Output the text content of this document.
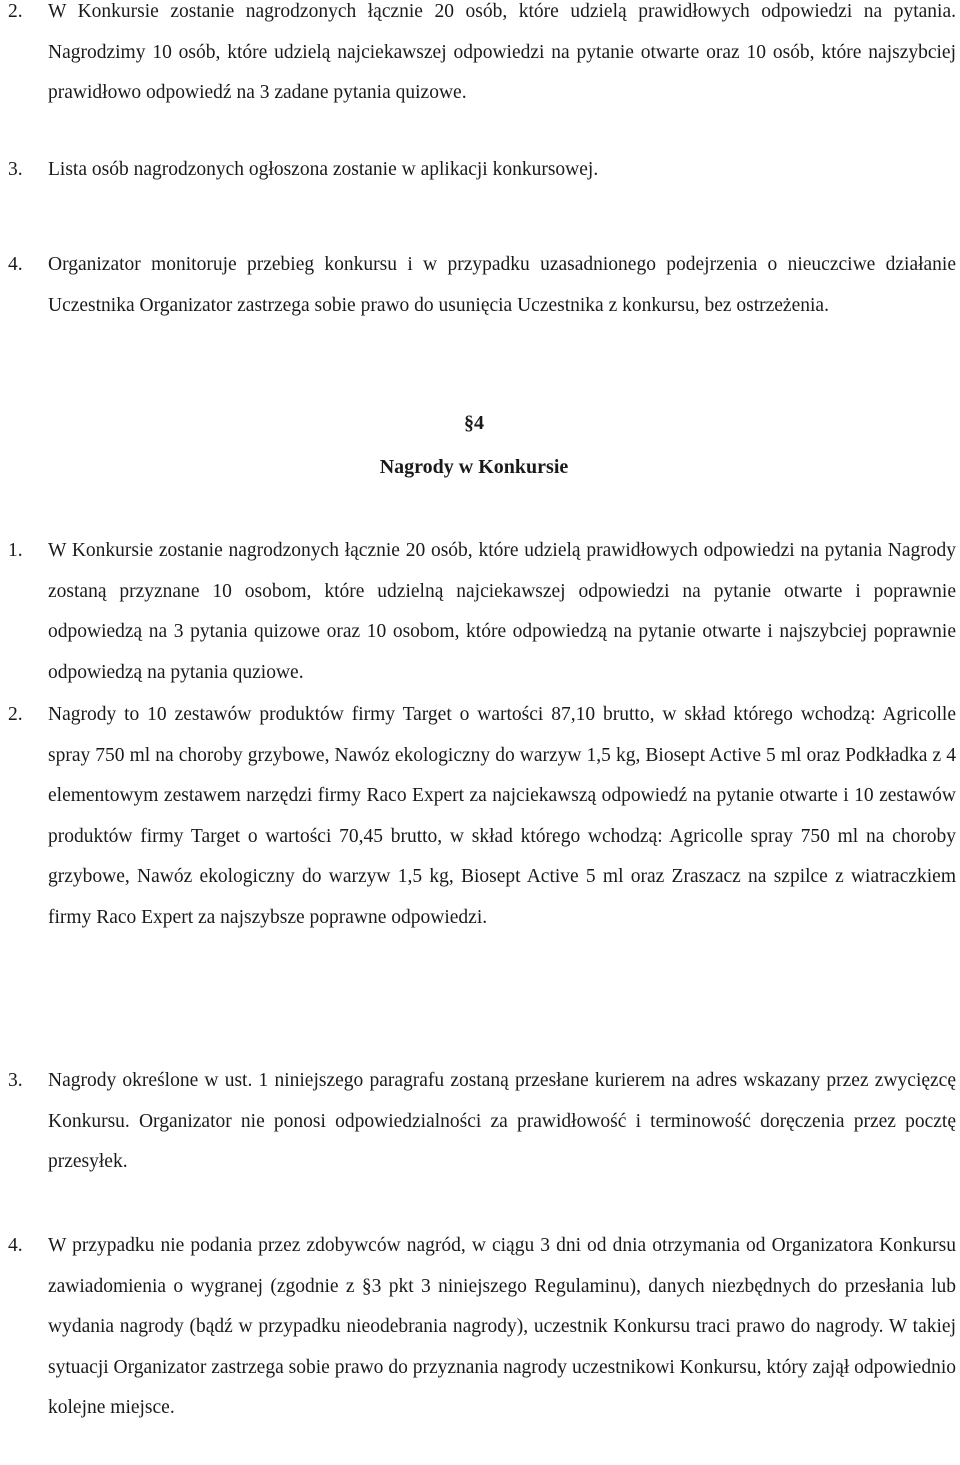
2.	W Konkursie zostanie nagrodzonych łącznie 20 osób, które udzielą prawidłowych odpowiedzi na pytania. Nagrodzimy 10 osób, które udzielą najciekawszej odpowiedzi na pytanie otwarte oraz 10 osób, które najszybciej prawidłowo odpowiedź na 3 zadane pytania quizowe.
3.	Lista osób nagrodzonych ogłoszona zostanie w aplikacji konkursowej.
4.	Organizator monitoruje przebieg konkursu i w przypadku uzasadnionego podejrzenia o nieuczciwe działanie Uczestnika Organizator zastrzega sobie prawo do usunięcia Uczestnika z konkursu, bez ostrzeżenia.
§4
Nagrody w Konkursie
1.	W Konkursie zostanie nagrodzonych łącznie 20 osób, które udzielą prawidłowych odpowiedzi na pytania Nagrody zostaną przyznane 10 osobom, które udzielną najciekawszej odpowiedzi na pytanie otwarte i poprawnie odpowiedzą na 3 pytania quizowe oraz 10 osobom, które odpowiedzą na pytanie otwarte i najszybciej poprawnie odpowiedzą na pytania quziowe.
2.	Nagrody to 10 zestawów produktów firmy Target o wartości 87,10 brutto, w skład którego wchodzą: Agricolle spray 750 ml na choroby grzybowe, Nawóz ekologiczny do warzyw 1,5 kg, Biosept Active 5 ml oraz Podkładka z 4 elementowym zestawem narzędzi firmy Raco Expert za najciekawszą odpowiedź na pytanie otwarte i 10 zestawów produktów firmy Target o wartości 70,45 brutto, w skład którego wchodzą: Agricolle spray 750 ml na choroby grzybowe, Nawóz ekologiczny do warzyw 1,5 kg, Biosept Active 5 ml oraz Zraszacz na szpilce z wiatraczkiem firmy Raco Expert za najszybsze poprawne odpowiedzi.
3.	Nagrody określone w ust. 1 niniejszego paragrafu zostaną przesłane kurierem na adres wskazany przez zwycięzcę Konkursu. Organizator nie ponosi odpowiedzialności za prawidłowość i terminowość doręczenia przez pocztę przesyłek.
4.	W przypadku nie podania przez zdobywców nagród, w ciągu 3 dni od dnia otrzymania od Organizatora Konkursu zawiadomienia o wygranej (zgodnie z §3 pkt 3 niniejszego Regulaminu), danych niezbędnych do przesłania lub wydania nagrody (bądź w przypadku nieodebrania nagrody), uczestnik Konkursu traci prawo do nagrody. W takiej sytuacji Organizator zastrzega sobie prawo do przyznania nagrody uczestnikowi Konkursu, który zajął odpowiednio kolejne miejsce.
